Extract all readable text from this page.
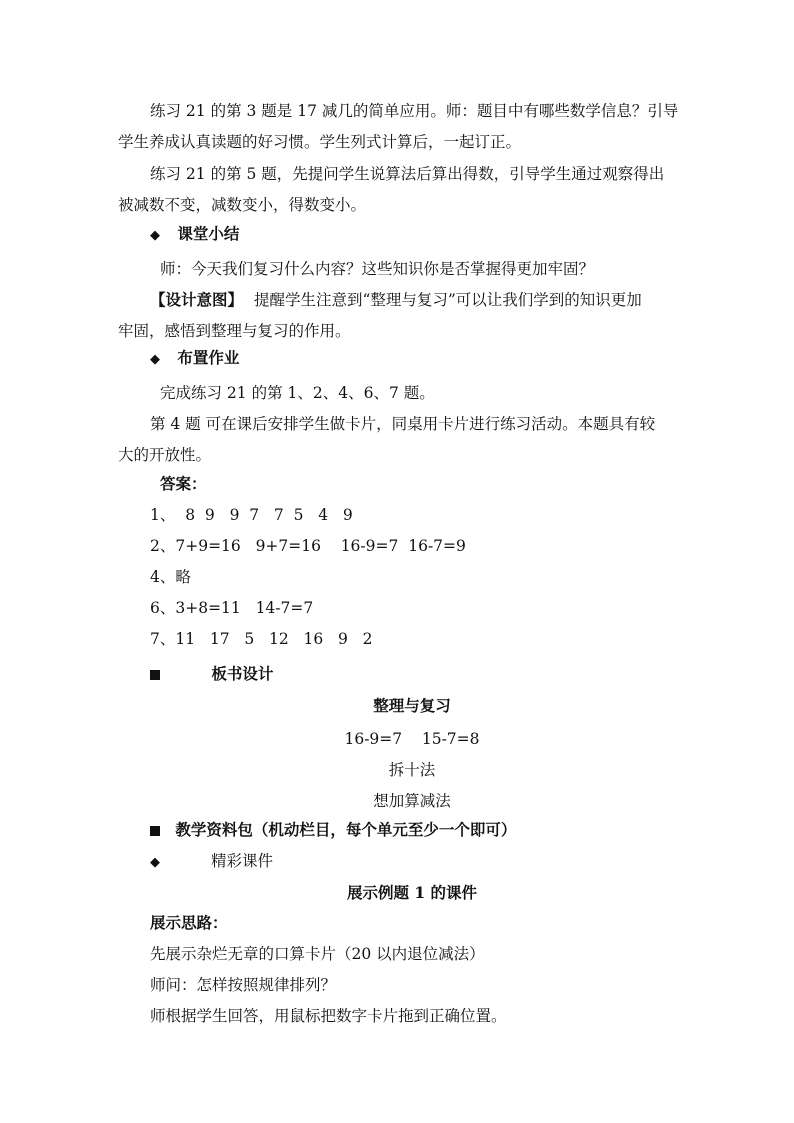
练习 21 的第 3 题是 17 减几的简单应用。师：题目中有哪些数学信息？引导
学生养成认真读题的好习惯。学生列式计算后，一起订正。
练习 21 的第 5 题，先提问学生说算法后算出得数，引导学生通过观察得出
被减数不变，减数变小，得数变小。
◆ 课堂小结
师：今天我们复习什么内容？这些知识你是否掌握得更加牢固？
【设计意图】 提醒学生注意到“整理与复习”可以让我们学到的知识更加
牢固，感悟到整理与复习的作用。
◆ 布置作业
完成练习 21 的第 1、2、4、6、7 题。
第 4 题 可在课后安排学生做卡片，同桌用卡片进行练习活动。本题具有较
大的开放性。
答案：
1、  8  9   9  7   7  5   4   9
2、7+9=16   9+7=16    16-9=7  16-7=9
4、略
6、3+8=11   14-7=7
7、11   17   5   12   16   9   2
板书设计
整理与复习
16-9=7    15-7=8
拆十法
想加算减法
教学资料包（机动栏目，每个单元至少一个即可）
◆	精彩课件
展示例题 1 的课件
展示思路：
先展示杂烂无章的口算卡片（20 以内退位减法）
师问：怎样按照规律排列？
师根据学生回答，用鼠标把数字卡片拖到正确位置。
